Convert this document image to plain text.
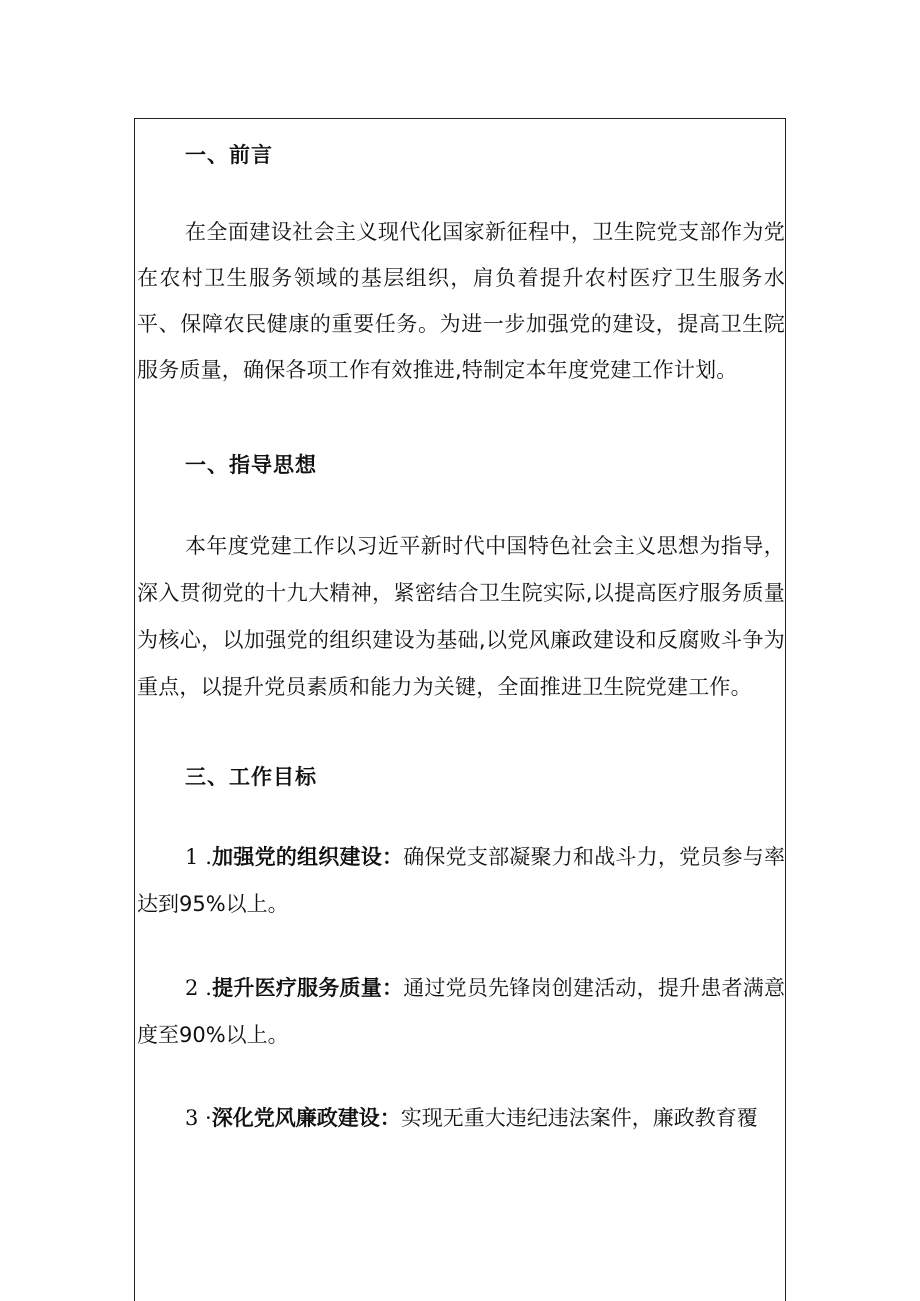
一、前言
在全面建设社会主义现代化国家新征程中，卫生院党支部作为党在农村卫生服务领域的基层组织，肩负着提升农村医疗卫生服务水平、保障农民健康的重要任务。为进一步加强党的建设，提高卫生院服务质量，确保各项工作有效推进,特制定本年度党建工作计划。
一、指导思想
本年度党建工作以习近平新时代中国特色社会主义思想为指导，深入贯彻党的十九大精神，紧密结合卫生院实际,以提高医疗服务质量为核心，以加强党的组织建设为基础,以党风廉政建设和反腐败斗争为重点，以提升党员素质和能力为关键，全面推进卫生院党建工作。
三、工作目标
1 .加强党的组织建设：确保党支部凝聚力和战斗力，党员参与率达到95%以上。
2 .提升医疗服务质量：通过党员先锋岗创建活动，提升患者满意度至90%以上。
3 ·深化党风廉政建设：实现无重大违纪违法案件，廉政教育覆
